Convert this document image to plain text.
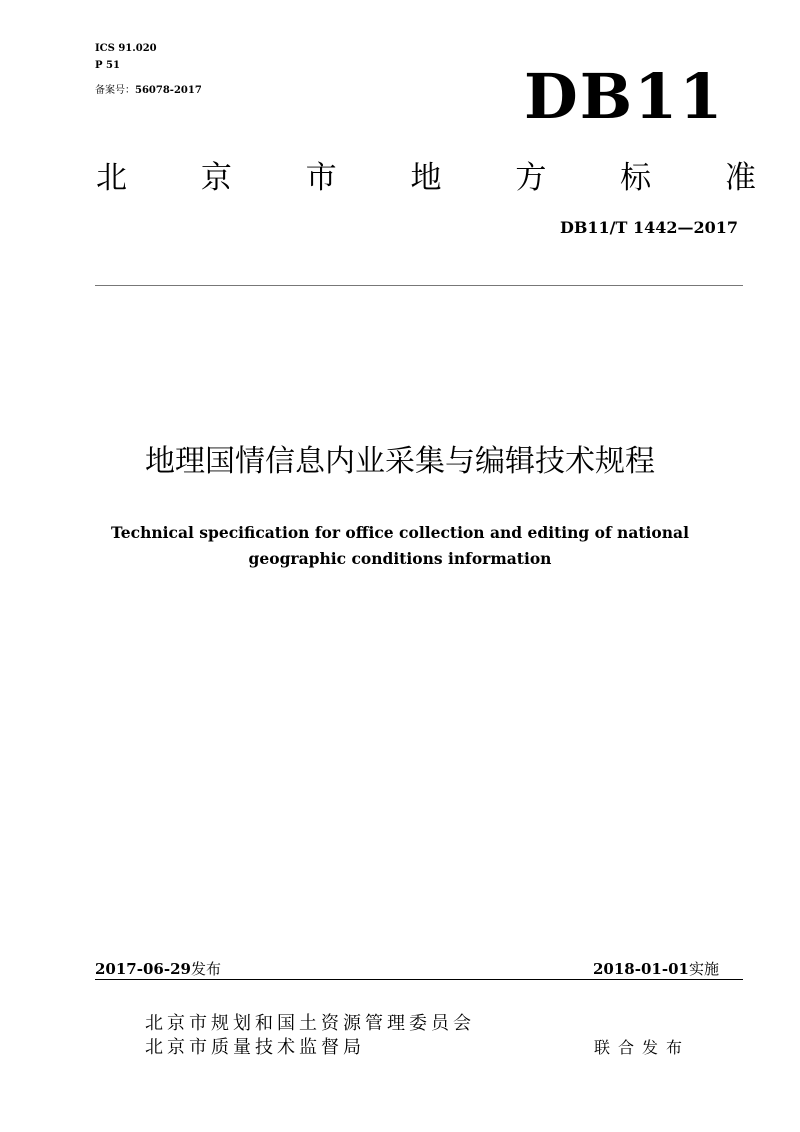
ICS 91.020
P 51
备案号：56078-2017	DB11
北 京 市 地 方 标 准
DB11/T 1442—2017
地理国情信息内业采集与编辑技术规程
Technical specification for office collection and editing of national
geographic conditions information
2017-06-29发布	2018-01-01实施
北京市规划和国土资源管理委员会
北京市质量技术监督局	联合发布
